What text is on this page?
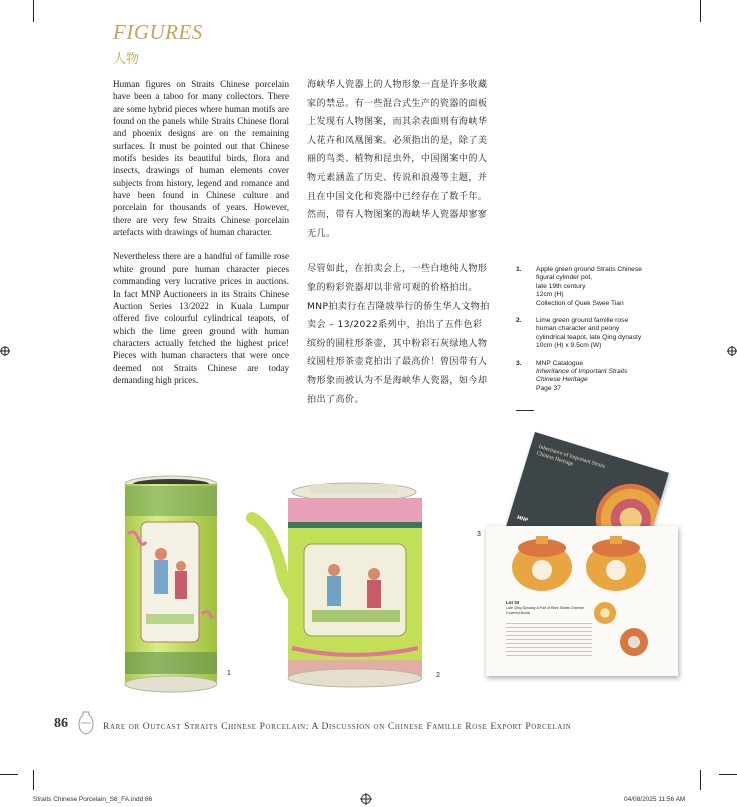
FIGURES
人物

Human figures on Straits Chinese porcelain have been a taboo for many collectors. There are some hybrid pieces where human motifs are found on the panels while Straits Chinese floral and phoenix designs are on the remaining surfaces. It must be pointed out that Chinese motifs besides its beautiful birds, flora and insects, drawings of human elements cover subjects from history, legend and romance and have been found in Chinese culture and porcelain for thousands of years. However, there are very few Straits Chinese porcelain artefacts with drawings of human character.

Nevertheless there are a handful of famille rose white ground pure human character pieces commanding very lucrative prices in auctions. In fact MNP Auctioneers in its Straits Chinese Auction Series 13/2022 in Kuala Lumpur offered five colourful cylindrical teapots, of which the lime green ground with human characters actually fetched the highest price! Pieces with human characters that were once deemed not Straits Chinese are today demanding high prices.

海峡华人瓷器上的人物形象一直是许多收藏家的禁忌。有一些混合式生产的瓷器的面板上发现有人物图案，而其余表面则有海峡华人花卉和凤凰图案。必须指出的是，除了美丽的鸟类、植物和昆虫外，中国图案中的人物元素涵盖了历史、传说和浪漫等主题，并且在中国文化和瓷器中已经存在了数千年。然而，带有人物图案的海峡华人瓷器却寥寥无几。

尽管如此，在拍卖会上，一些白地纯人物形象的粉彩瓷器却以非常可观的价格拍出。MNP拍卖行在吉隆坡举行的侨生华人文物拍卖会 – 13/2022系列中，拍出了五件色彩缤纷的圆柱形茶壶，其中粉彩石灰绿地人物纹圆柱形茶壶竟拍出了最高价！曾因带有人物形象而被认为不是海峡华人瓷器，如今却拍出了高价。

1. Apple green ground Straits Chinese
figural cylinder pot,
late 19th century
12cm (H)
Collection of Quek Swee Tian
2. Lime green ground famille rose
human character and peony
cylindrical teapot, late Qing dynasty
10cm (H) x 9.5cm (W)
3. MNP Catalogue
Inheritance of Important Straits
Chinese Heritage
Page 37
1	2
3
Inheritance of Important Straits Chinese Heritage
MNP
Lot 33
Late Qing Dynasty A Pair of Rare Straits Chinese Covered Bowls
86	Rare or Outcast Straits Chinese Porcelain: A Discussion on Chinese Famille Rose Export Porcelain
Straits Chinese Porcelain_S6_FA.indd 86	04/08/2025 11:56 AM
